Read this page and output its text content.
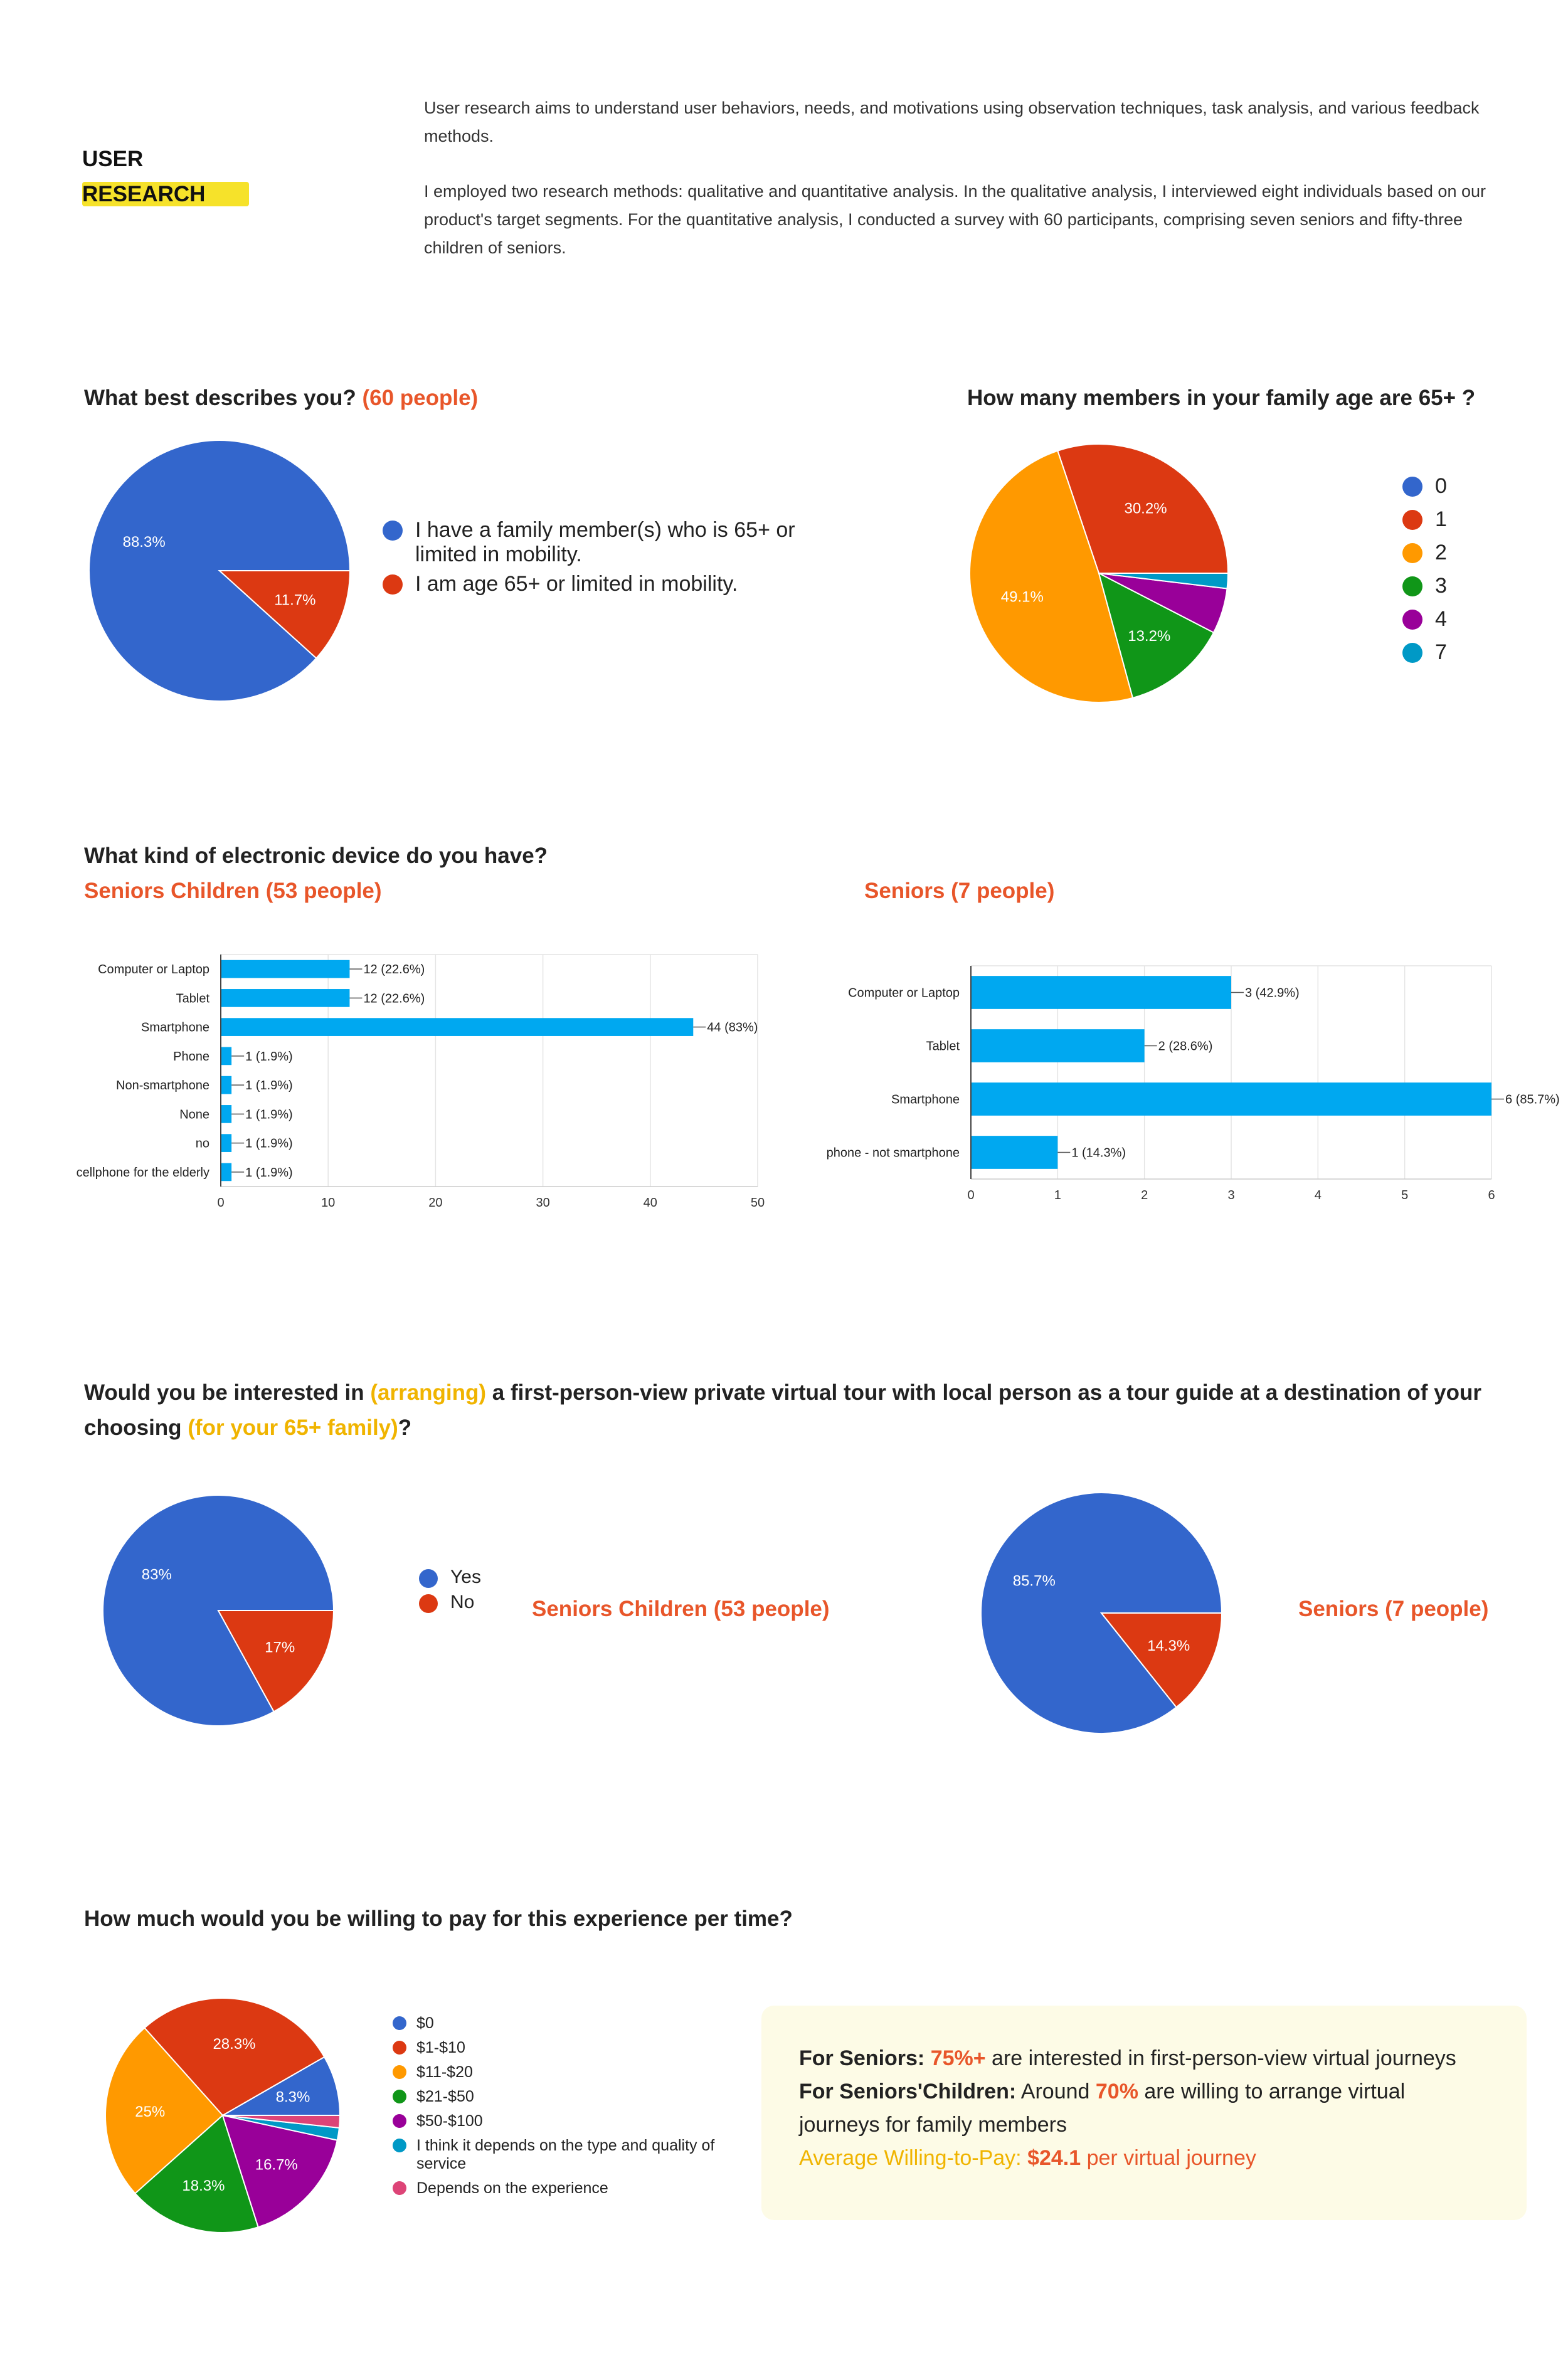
USER
RESEARCH

User research aims to understand user behaviors, needs, and motivations using observation techniques, task analysis, and various feedback methods.

I employed two research methods: qualitative and quantitative analysis. In the qualitative analysis, I interviewed eight individuals based on our product's target segments. For the quantitative analysis, I conducted a survey with 60 participants, comprising seven seniors and fifty-three children of seniors.

What best describes you? (60 people)
88.3%
11.7%
I have a family member(s) who is 65+ or limited in mobility.
I am age 65+ or limited in mobility.
How many members in your family age are 65+ ?
30.2%
49.1%
13.2%
0
1
2
3
4
7
What kind of electronic device do you have?
Seniors Children (53 people)	Seniors (7 people)
0	10	20	30	40	50
Computer or Laptop	12 (22.6%)
Tablet	12 (22.6%)
Smartphone	44 (83%)
Phone	1 (1.9%)
Non-smartphone	1 (1.9%)
None	1 (1.9%)
no	1 (1.9%)
cellphone for the elderly	1 (1.9%)
0	1	2	3	4	5	6
Computer or Laptop	3 (42.9%)
Tablet	2 (28.6%)
Smartphone	6 (85.7%)
phone - not smartphone	1 (14.3%)
Would you be interested in (arranging) a first-person-view private virtual tour with local person as a tour guide at a destination of your choosing (for your 65+ family)?
83%
17%
Yes
No	Seniors Children (53 people)
85.7%
14.3%
Seniors (7 people)
How much would you be willing to pay for this experience per time?
8.3%
28.3%
25%
18.3%
16.7%
$0
$1-$10
$11-$20
$21-$50
$50-$100
I think it depends on the type and quality of service
Depends on the experience
For Seniors: 75%+ are interested in first-person-view virtual journeys
For Seniors'Children: Around 70% are willing to arrange virtual journeys for family members
Average Willing-to-Pay: $24.1 per virtual journey
